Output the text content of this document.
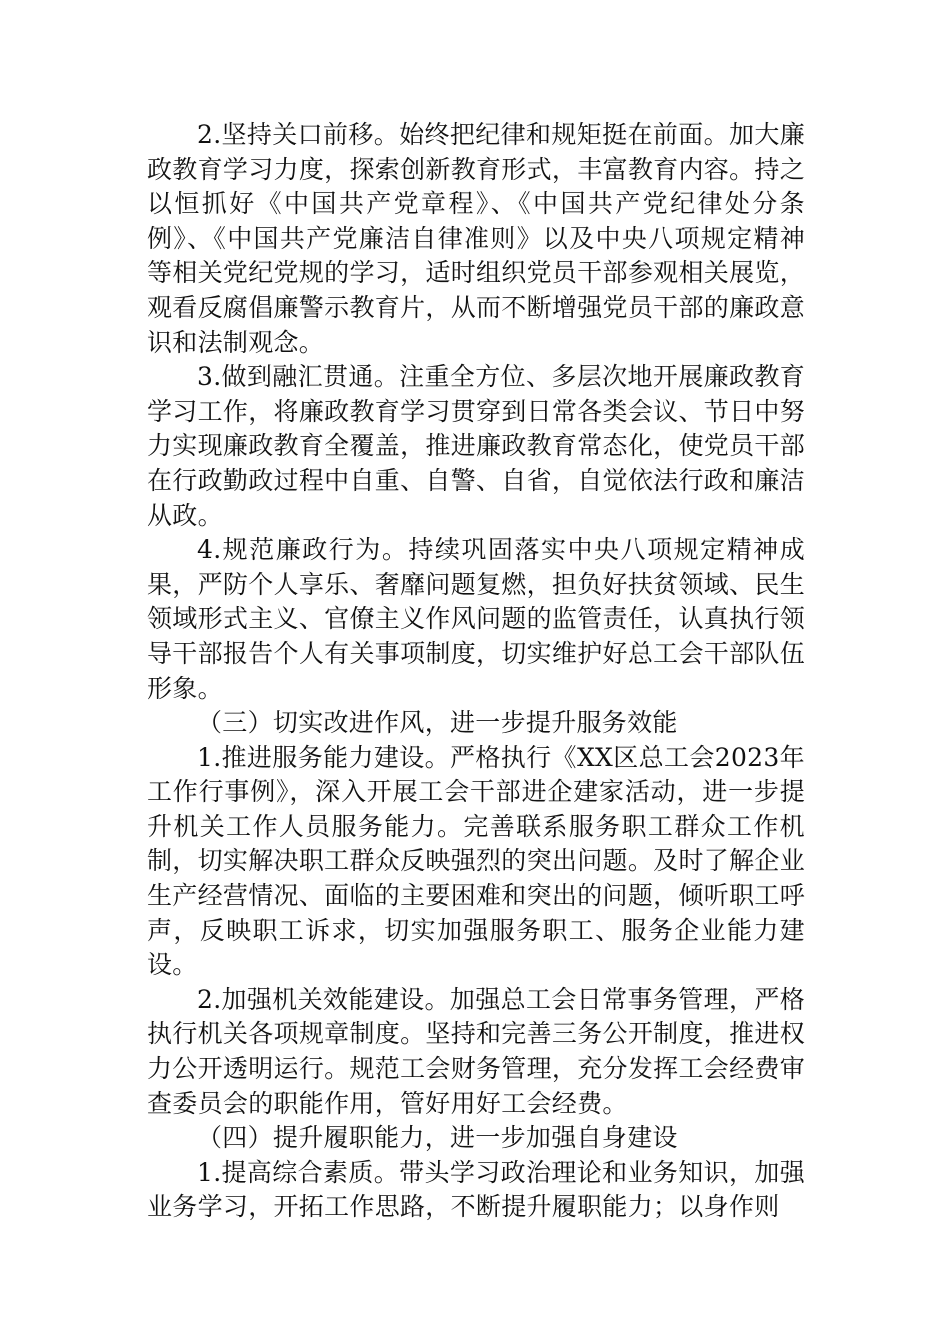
2.坚持关口前移。始终把纪律和规矩挺在前面。加大廉政教育学习力度，探索创新教育形式，丰富教育内容。持之以恒抓好《中国共产党章程》、《中国共产党纪律处分条例》、《中国共产党廉洁自律准则》以及中央八项规定精神等相关党纪党规的学习，适时组织党员干部参观相关展览，观看反腐倡廉警示教育片，从而不断增强党员干部的廉政意识和法制观念。

3.做到融汇贯通。注重全方位、多层次地开展廉政教育学习工作，将廉政教育学习贯穿到日常各类会议、节日中努力实现廉政教育全覆盖，推进廉政教育常态化，使党员干部在行政勤政过程中自重、自警、自省，自觉依法行政和廉洁从政。

4.规范廉政行为。持续巩固落实中央八项规定精神成果，严防个人享乐、奢靡问题复燃，担负好扶贫领域、民生领域形式主义、官僚主义作风问题的监管责任，认真执行领导干部报告个人有关事项制度，切实维护好总工会干部队伍形象。

（三）切实改进作风，进一步提升服务效能

1.推进服务能力建设。严格执行《XX区总工会2023年工作行事例》，深入开展工会干部进企建家活动，进一步提升机关工作人员服务能力。完善联系服务职工群众工作机制，切实解决职工群众反映强烈的突出问题。及时了解企业生产经营情况、面临的主要困难和突出的问题，倾听职工呼声，反映职工诉求，切实加强服务职工、服务企业能力建设。

2.加强机关效能建设。加强总工会日常事务管理，严格执行机关各项规章制度。坚持和完善三务公开制度，推进权力公开透明运行。规范工会财务管理，充分发挥工会经费审查委员会的职能作用，管好用好工会经费。

（四）提升履职能力，进一步加强自身建设

1.提高综合素质。带头学习政治理论和业务知识，加强业务学习，开拓工作思路，不断提升履职能力；以身作则
